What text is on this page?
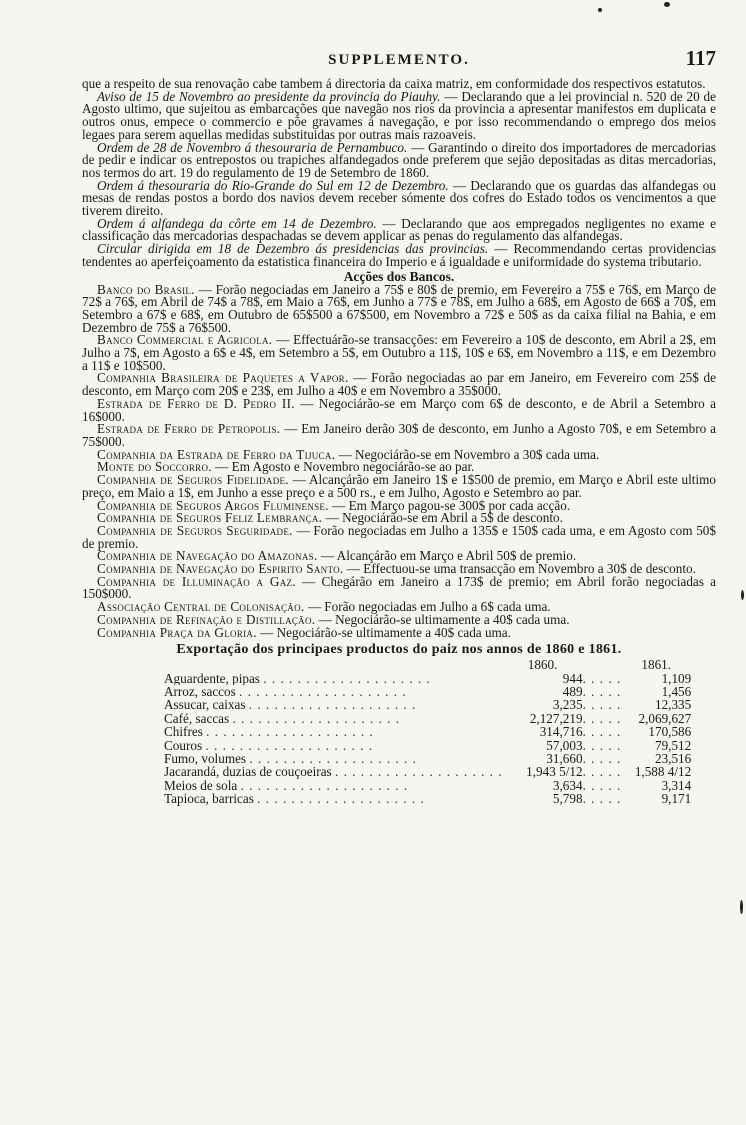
SUPPLEMENTO.	117

que a respeito de sua renovação cabe tambem á directoria da caixa matriz, em conformidade dos respectivos estatutos.

Aviso de 15 de Novembro ao presidente da provincia do Piauhy. — Declarando que a lei provincial n. 520 de 20 de Agosto ultimo, que sujeitou as embarcações que navegão nos rios da provincia a apresentar manifestos em duplicata e outros onus, empece o commercio e põe gravames á navegação, e por isso recommendando o emprego dos meios legaes para serem aquellas medidas substituidas por outras mais razoaveis.

Ordem de 28 de Novembro á thesouraria de Pernambuco. — Garantindo o direito dos importadores de mercadorias de pedir e indicar os entrepostos ou trapiches alfandegados onde preferem que sejão depositadas as ditas mercadorias, nos termos do art. 19 do regulamento de 19 de Setembro de 1860.

Ordem á thesouraria do Rio-Grande do Sul em 12 de Dezembro. — Declarando que os guardas das alfandegas ou mesas de rendas postos a bordo dos navios devem receber sómente dos cofres do Estado todos os vencimentos a que tiverem direito.

Ordem á alfandega da côrte em 14 de Dezembro. — Declarando que aos empregados negligentes no exame e classificação das mercadorias despachadas se devem applicar as penas do regulamento das alfandegas.

Circular dirigida em 18 de Dezembro ás presidencias das provincias. — Recommendando certas providencias tendentes ao aperfeiçoamento da estatistica financeira do Imperio e á igualdade e uniformidade do systema tributario.

Acções dos Bancos.

Banco do Brasil. — Forão negociadas em Janeiro a 75$ e 80$ de premio, em Fevereiro a 75$ e 76$, em Março de 72$ a 76$, em Abril de 74$ a 78$, em Maio a 76$, em Junho a 77$ e 78$, em Julho a 68$, em Agosto de 66$ a 70$, em Setembro a 67$ e 68$, em Outubro de 65$500 a 67$500, em Novembro a 72$ e 50$ as da caixa filial na Bahia, e em Dezembro de 75$ a 76$500.

Banco Commercial e Agricola. — Effectuárão-se transacções: em Fevereiro a 10$ de desconto, em Abril a 2$, em Julho a 7$, em Agosto a 6$ e 4$, em Setembro a 5$, em Outubro a 11$, 10$ e 6$, em Novembro a 11$, e em Dezembro a 11$ e 10$500.

Companhia Brasileira de Paquetes a Vapor. — Forão negociadas ao par em Janeiro, em Fevereiro com 25$ de desconto, em Março com 20$ e 23$, em Julho a 40$ e em Novembro a 35$000.

Estrada de Ferro de D. Pedro II. — Negociárão-se em Março com 6$ de desconto, e de Abril a Setembro a 16$000.

Estrada de Ferro de Petropolis. — Em Janeiro derão 30$ de desconto, em Junho a Agosto 70$, e em Setembro a 75$000.

Companhia da Estrada de Ferro da Tijuca. — Negociárão-se em Novembro a 30$ cada uma.

Monte do Soccorro. — Em Agosto e Novembro negociárão-se ao par.

Companhia de Seguros Fidelidade. — Alcançárão em Janeiro 1$ e 1$500 de premio, em Março e Abril este ultimo preço, em Maio a 1$, em Junho a esse preço e a 500 rs., e em Julho, Agosto e Setembro ao par.

Companhia de Seguros Argos Fluminense. — Em Março pagou-se 300$ por cada acção.

Companhia de Seguros Feliz Lembrança. — Negociárão-se em Abril a 5$ de desconto.

Companhia de Seguros Seguridade. — Forão negociadas em Julho a 135$ e 150$ cada uma, e em Agosto com 50$ de premio.

Companhia de Navegação do Amazonas. — Alcançárão em Março e Abril 50$ de premio.

Companhia de Navegação do Espirito Santo. — Effectuou-se uma transacção em Novembro a 30$ de desconto.

Companhia de Illuminação a Gaz. — Chegárão em Janeiro a 173$ de premio; em Abril forão negociadas a 150$000.

Associação Central de Colonisação. — Forão negociadas em Julho a 6$ cada uma.

Companhia de Refinação e Distillação. — Negociárão-se ultimamente a 40$ cada uma.

Companhia Praça da Gloria. — Negociárão-se ultimamente a 40$ cada uma.

Exportação dos principaes productos do paiz nos annos de 1860 e 1861.
	1860.		1861.
Aguardente, pipas . . . . . . . . . . . . . . . . . . . .	944	. . . . .	1,109
Arroz, saccos . . . . . . . . . . . . . . . . . . . .	489	. . . . .	1,456
Assucar, caixas . . . . . . . . . . . . . . . . . . . .	3,235	. . . . .	12,335
Café, saccas . . . . . . . . . . . . . . . . . . . .	2,127,219	. . . . .	2,069,627
Chifres . . . . . . . . . . . . . . . . . . . .	314,716	. . . . .	170,586
Couros . . . . . . . . . . . . . . . . . . . .	57,003	. . . . .	79,512
Fumo, volumes . . . . . . . . . . . . . . . . . . . .	31,660	. . . . .	23,516
Jacarandá, duzias de couçoeiras . . . . . . . . . . . . . . . . . . . .	1,943 5/12	. . . . .	1,588 4/12
Meios de sola . . . . . . . . . . . . . . . . . . . .	3,634	. . . . .	3,314
Tapioca, barricas . . . . . . . . . . . . . . . . . . . .	5,798	. . . . .	9,171
